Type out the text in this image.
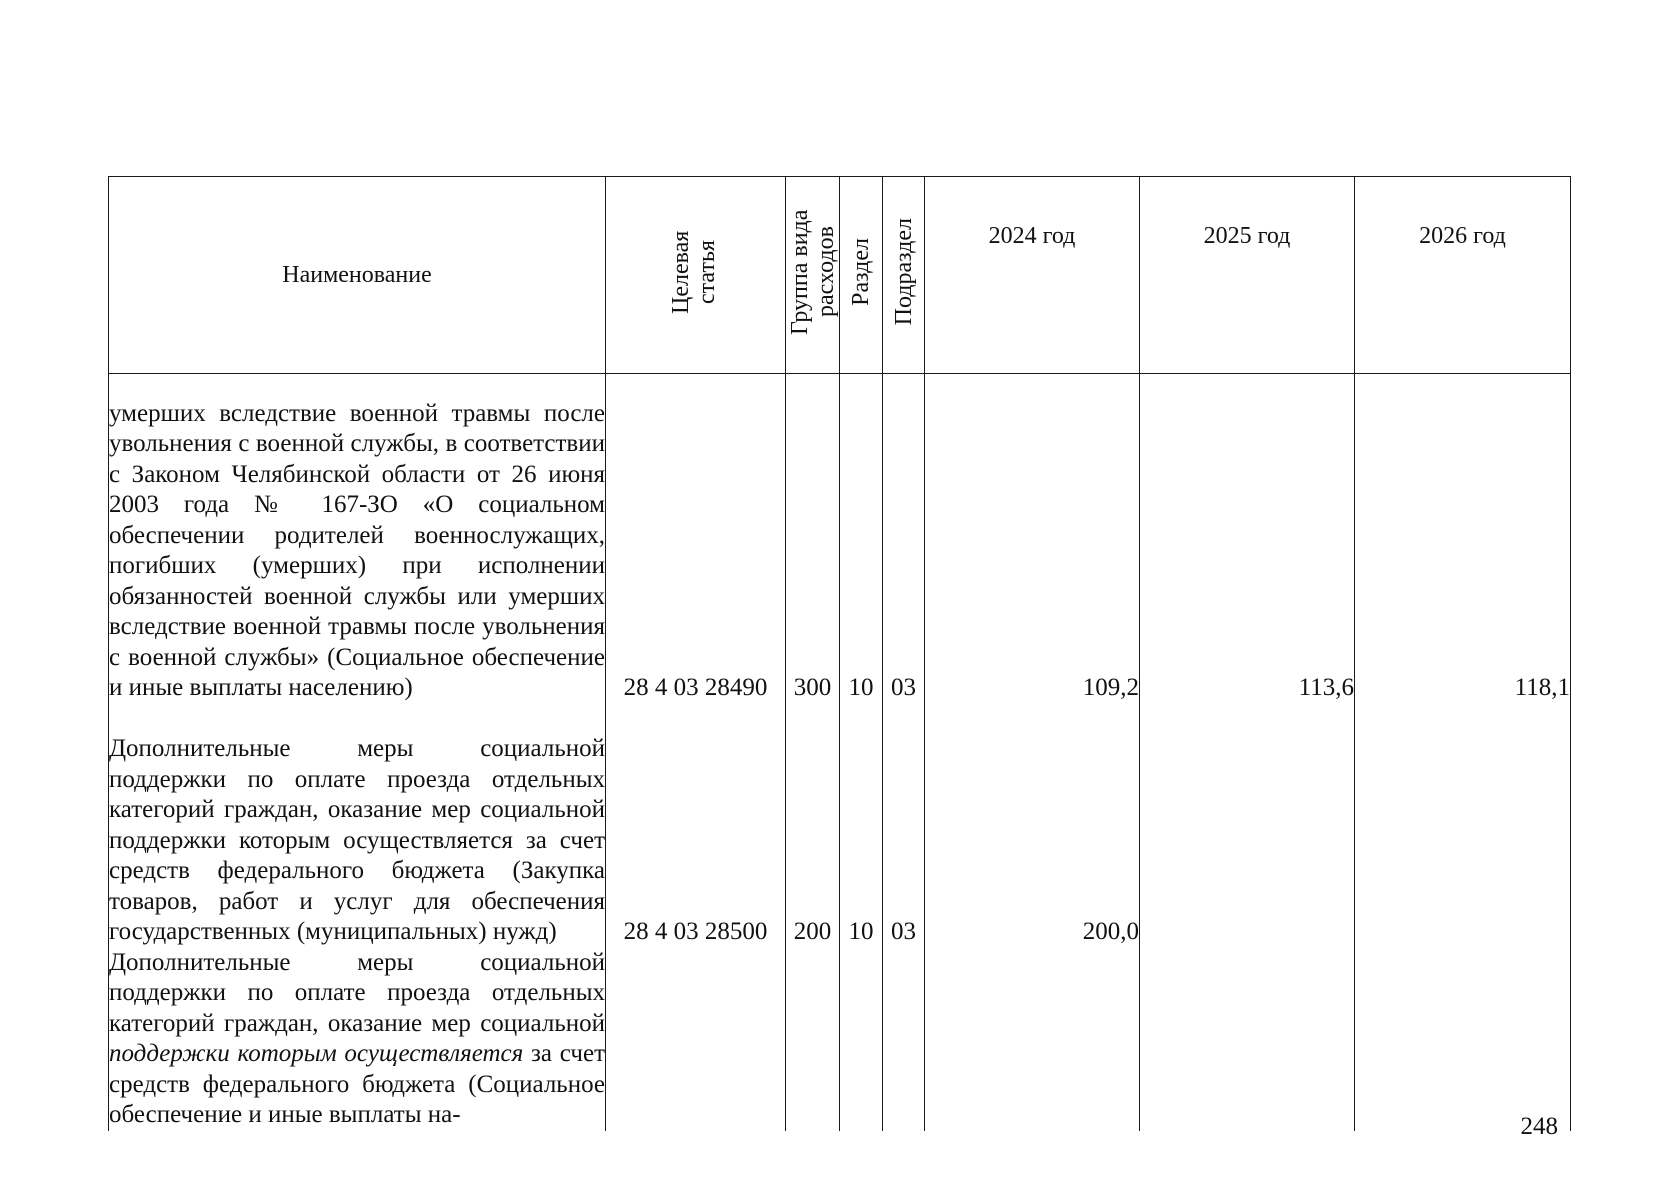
Наименование	Целевая статья	Группа вида расходов	Раздел	Подраздел	2024 год	2025 год	2026 год
умерших вследствие военной травмы после увольнения с военной службы, в соответствии с Законом Челябинской области от 26 июня 2003 года № 167-ЗО «О социальном обеспечении родителей военнослужащих, погибших (умерших) при исполнении обязанностей военной службы или умерших вследствие военной травмы после увольнения с военной службы» (Социальное обеспечение и иные выплаты населению)	28 4 03 28490	300	10	03	109,2	113,6	118,1
Дополнительные меры социальной поддержки по оплате проезда отдельных категорий граждан, оказание мер социальной поддержки которым осуществляется за счет средств федерального бюджета (Закупка товаров, работ и услуг для обеспечения государственных (муниципальных) нужд)	28 4 03 28500	200	10	03	200,0		
Дополнительные меры социальной поддержки по оплате проезда отдельных категорий граждан, оказание мер социальной поддержки которым осуществляется за счет средств федерального бюджета (Социальное обеспечение и иные выплаты на-								248
